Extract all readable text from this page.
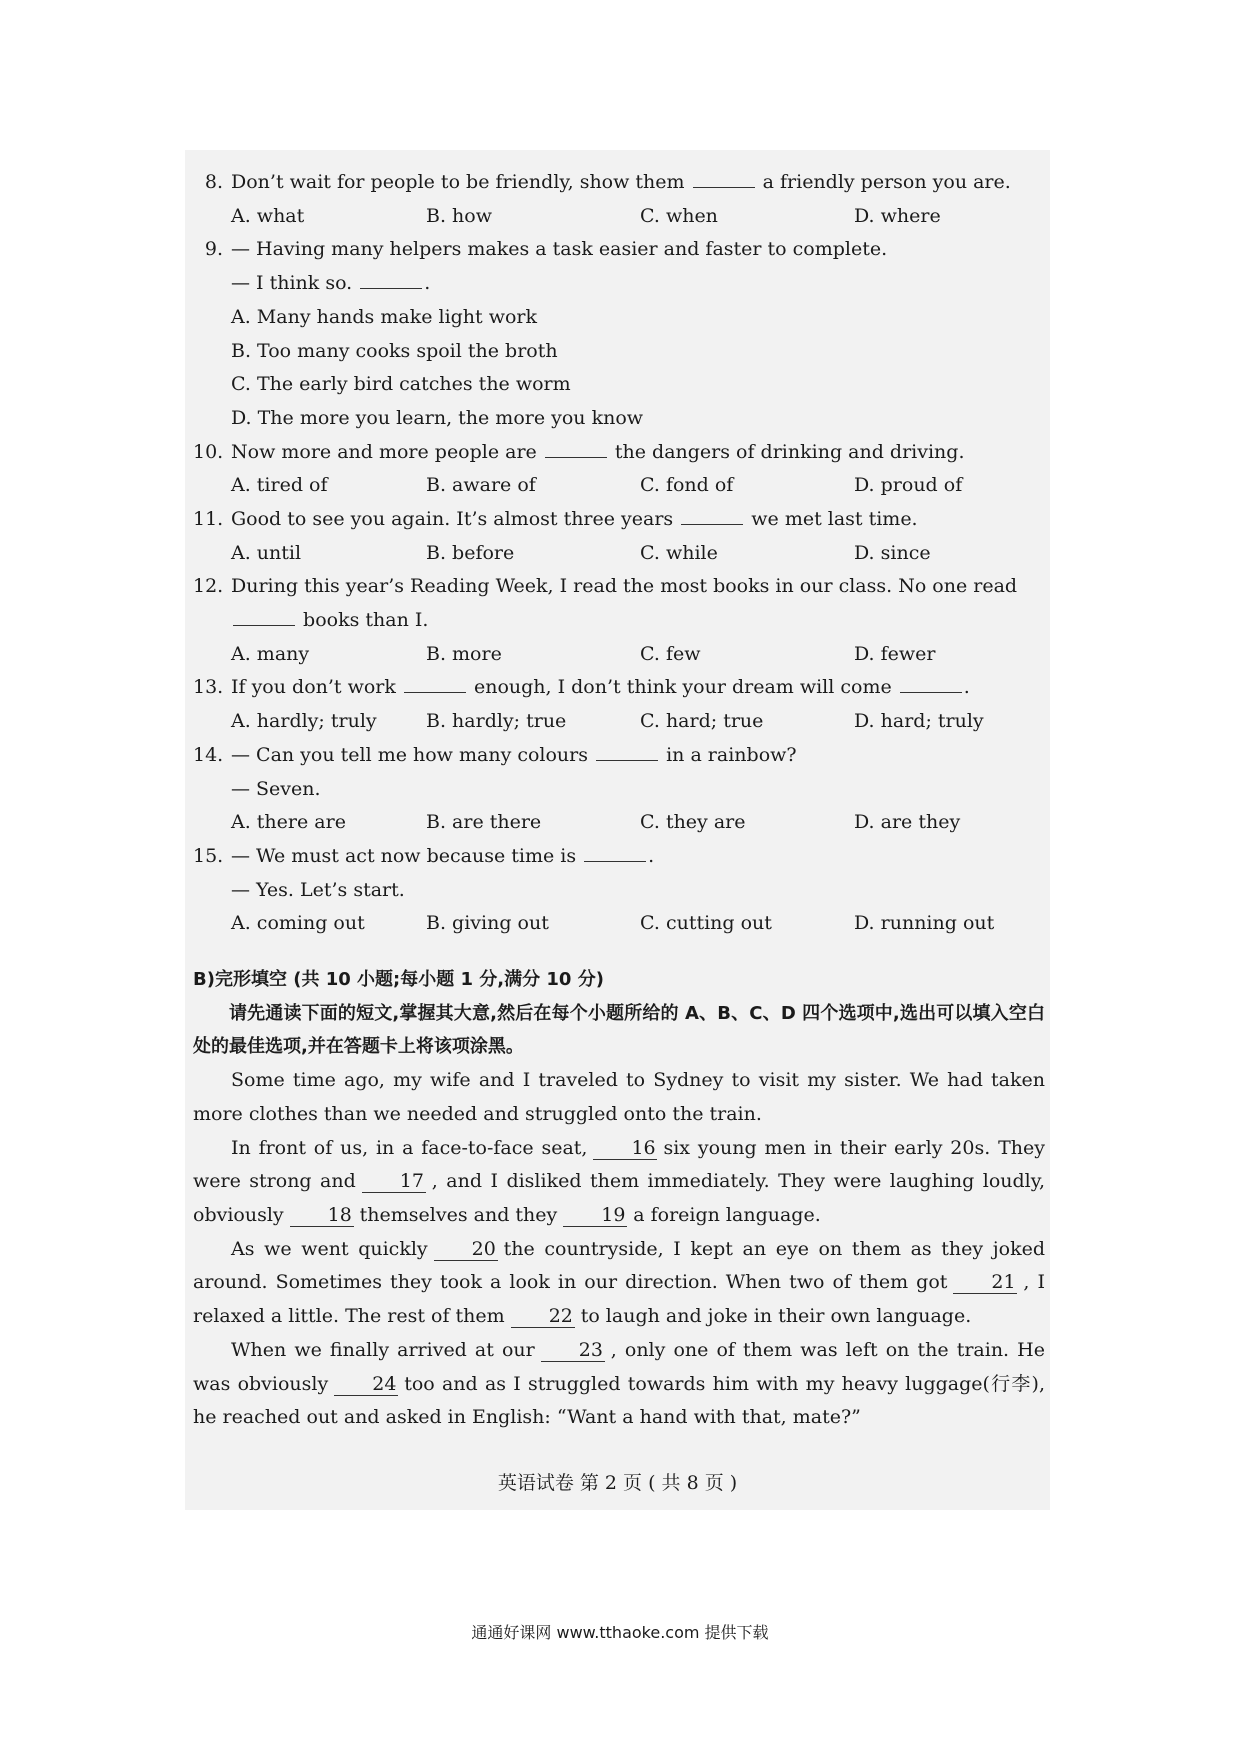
8. Don’t wait for people to be friendly, show them	a friendly person you are.
A. what	B. how	C. when	D. where
9. — Having many helpers makes a task easier and faster to complete.
— I think so.	.
A. Many hands make light work
B. Too many cooks spoil the broth
C. The early bird catches the worm
D. The more you learn, the more you know
10. Now more and more people are	the dangers of drinking and driving.
A. tired of	B. aware of	C. fond of	D. proud of
11. Good to see you again. It’s almost three years	we met last time.
A. until	B. before	C. while	D. since
12. During this year’s Reading Week, I read the most books in our class. No one read
books than I.
A. many	B. more	C. few	D. fewer
13. If you don’t work	enough, I don’t think your dream will come	.
A. hardly; truly	B. hardly; true	C. hard; true	D. hard; truly
14. — Can you tell me how many colours	in a rainbow?
— Seven.
A. there are	B. are there	C. they are	D. are they
15. — We must act now because time is	.
— Yes. Let’s start.
A. coming out	B. giving out	C. cutting out	D. running out
B)完形填空 (共 10 小题;每小题 1 分,满分 10 分)
请先通读下面的短文,掌握其大意,然后在每个小题所给的 A、B、C、D 四个选项中,选出可以填入空白处的最佳选项,并在答题卡上将该项涂黑。
Some time ago, my wife and I traveled to Sydney to visit my sister. We had taken more clothes than we needed and struggled onto the train.
In front of us, in a face-to-face seat, 16 six young men in their early 20s. They were strong and 17 , and I disliked them immediately. They were laughing loudly, obviously 18 themselves and they 19 a foreign language.
As we went quickly 20 the countryside, I kept an eye on them as they joked around. Sometimes they took a look in our direction. When two of them got 21 , I relaxed a little. The rest of them 22 to laugh and joke in their own language.
When we finally arrived at our 23 , only one of them was left on the train. He was obviously 24 too and as I struggled towards him with my heavy luggage(行李), he reached out and asked in English: “Want a hand with that, mate?”
英语试卷 第 2 页 ( 共 8 页 )
通通好课网 www.tthaoke.com 提供下载
